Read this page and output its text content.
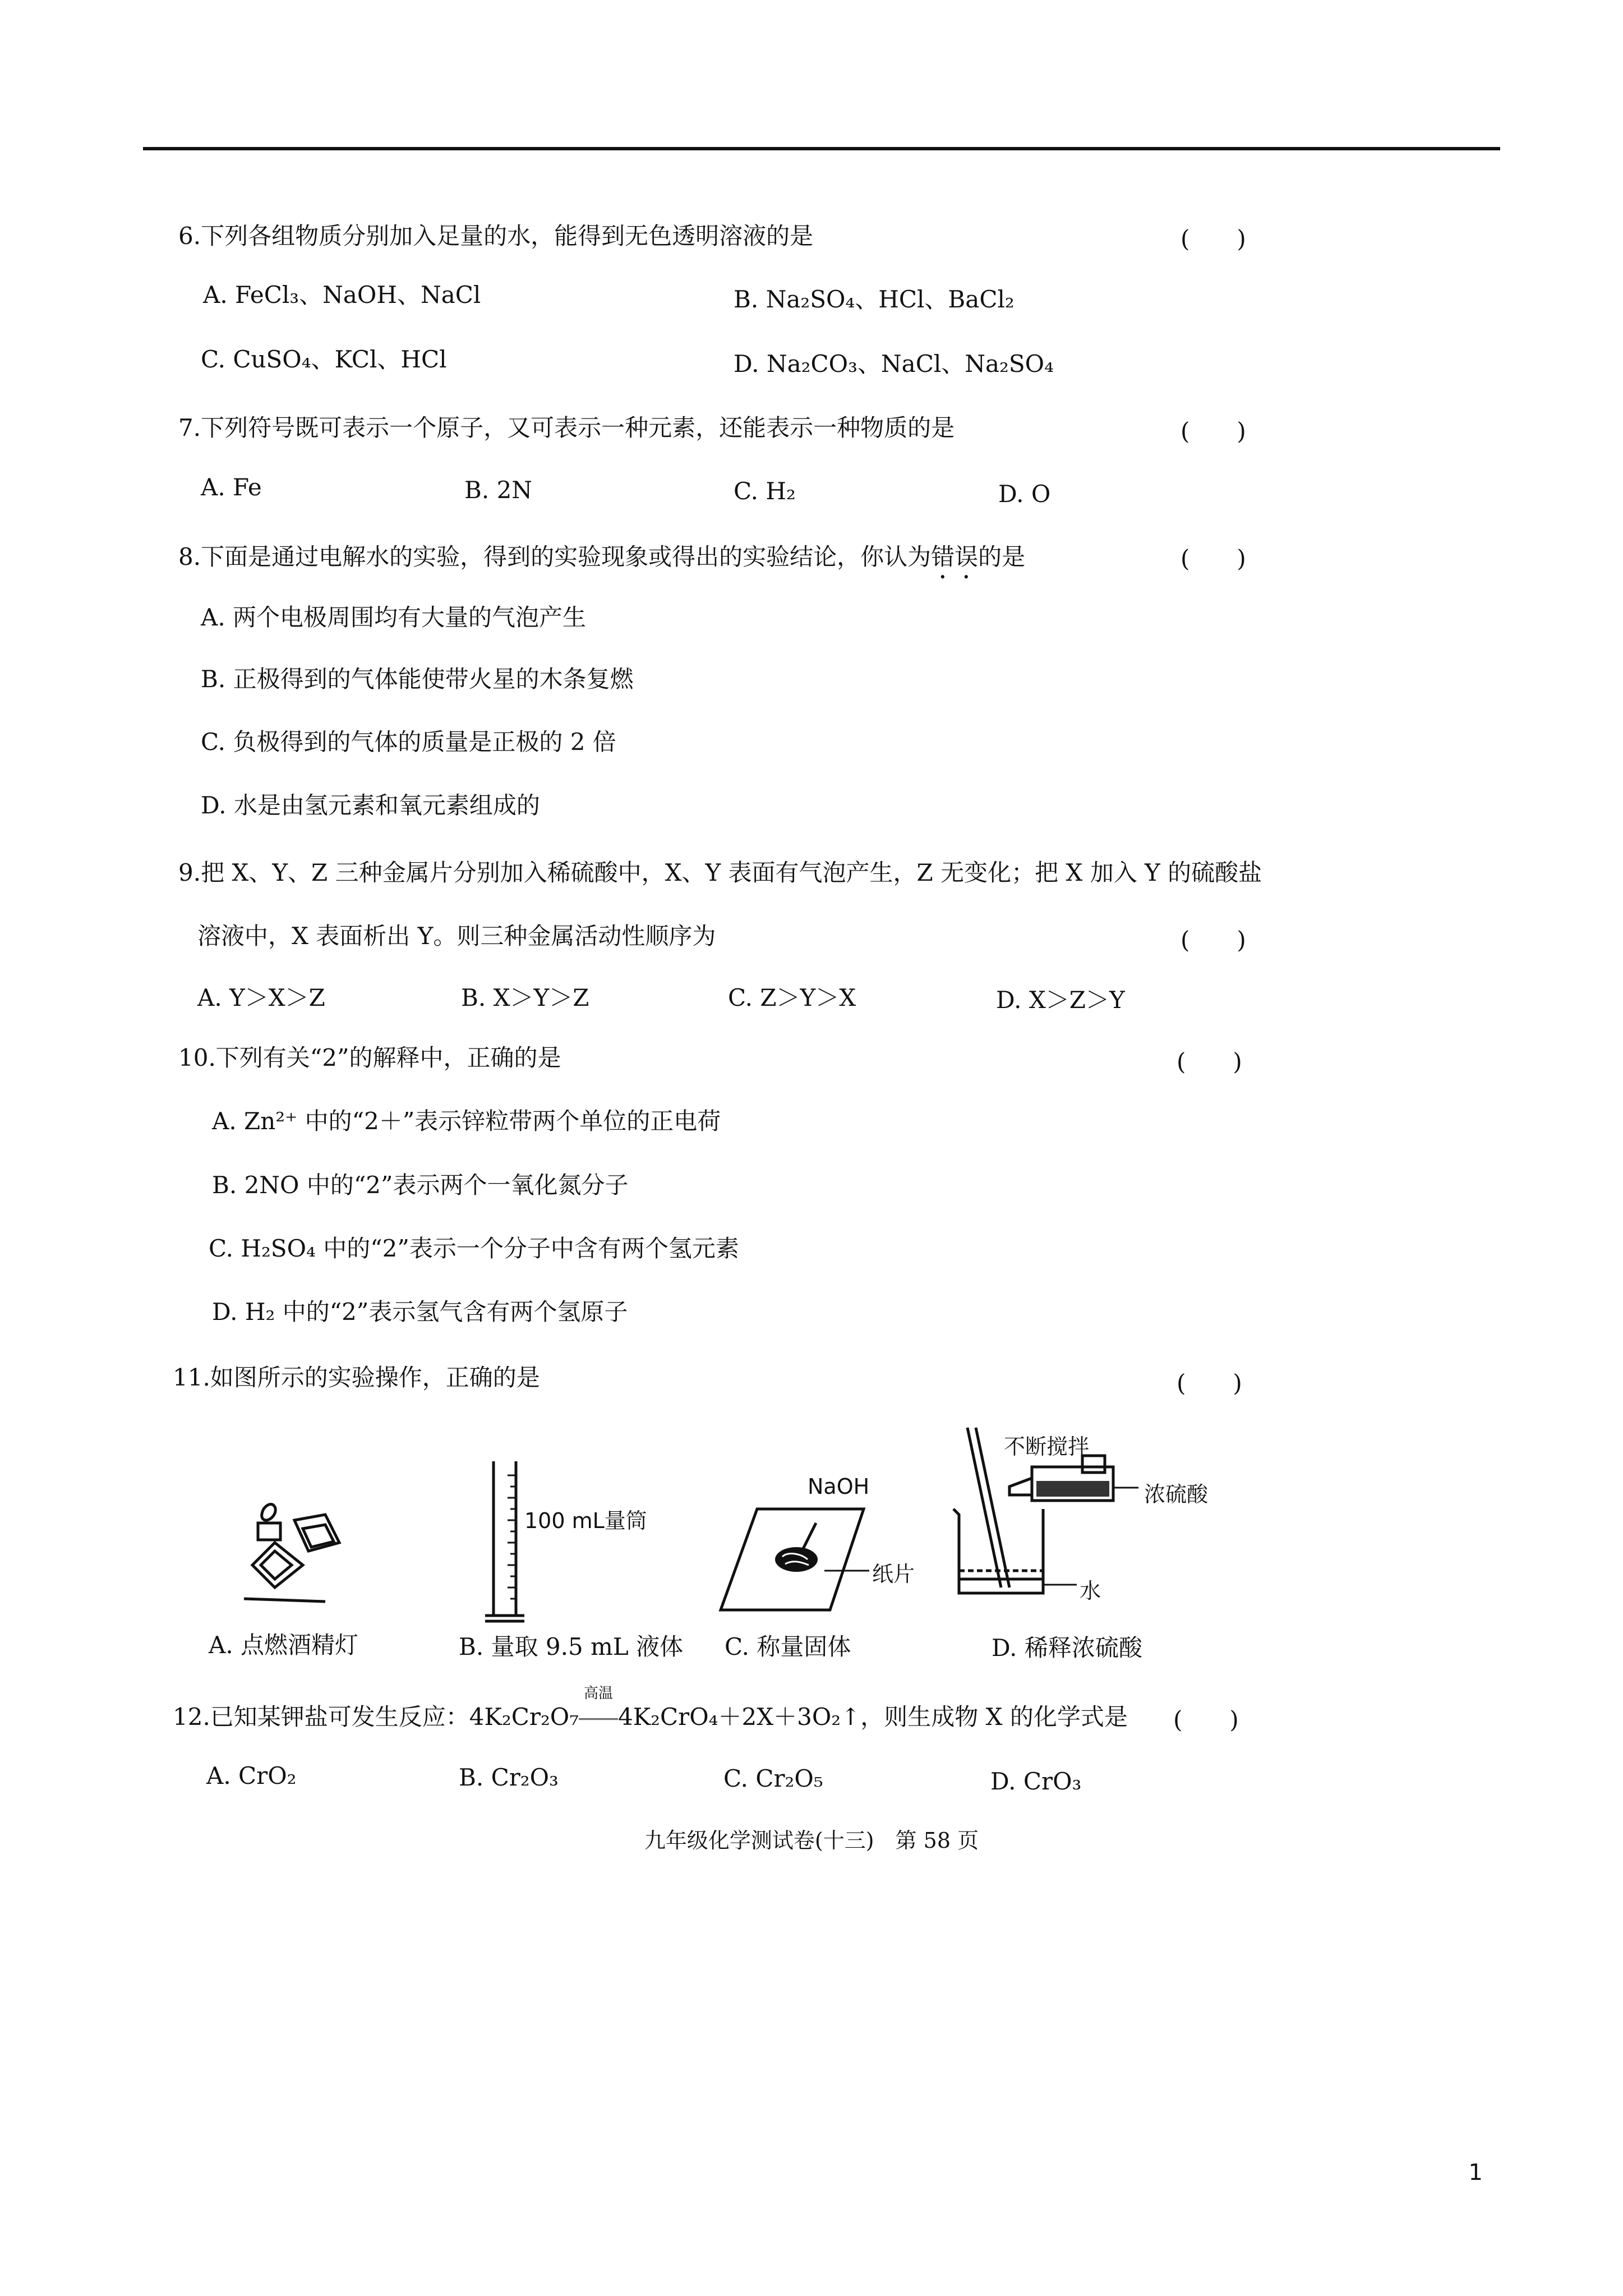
6.下列各组物质分别加入足量的水，能得到无色透明溶液的是	(　　)
A. FeCl₃、NaOH、NaCl	B. Na₂SO₄、HCl、BaCl₂
C. CuSO₄、KCl、HCl	D. Na₂CO₃、NaCl、Na₂SO₄
7.下列符号既可表示一个原子，又可表示一种元素，还能表示一种物质的是	(　　)
A. Fe	B. 2N	C. H₂	D. O
8.下面是通过电解水的实验，得到的实验现象或得出的实验结论，你认为错误的是	(　　)
A. 两个电极周围均有大量的气泡产生
B. 正极得到的气体能使带火星的木条复燃
C. 负极得到的气体的质量是正极的 2 倍
D. 水是由氢元素和氧元素组成的
9.把 X、Y、Z 三种金属片分别加入稀硫酸中，X、Y 表面有气泡产生，Z 无变化；把 X 加入 Y 的硫酸盐
溶液中，X 表面析出 Y。则三种金属活动性顺序为	(　　)
A. Y＞X＞Z	B. X＞Y＞Z	C. Z＞Y＞X	D. X＞Z＞Y
10.下列有关“2”的解释中，正确的是	(　　)
A. Zn²⁺ 中的“2＋”表示锌粒带两个单位的正电荷
B. 2NO 中的“2”表示两个一氧化氮分子
C. H₂SO₄ 中的“2”表示一个分子中含有两个氢元素
D. H₂ 中的“2”表示氢气含有两个氢原子
11.如图所示的实验操作，正确的是	(　　)
100 mL量筒
NaOH
纸片
不断搅拌
浓硫酸
水
A. 点燃酒精灯	B. 量取 9.5 mL 液体 C. 称量固体	D. 稀释浓硫酸
12.已知某钾盐可发生反应：4K₂Cr₂O₇
高温
4K₂CrO₄＋2X＋3O₂↑，则生成物 X 的化学式是 (　　)
A. CrO₂	B. Cr₂O₃	C. Cr₂O₅	D. CrO₃
九年级化学测试卷(十三)　第 58 页
1
